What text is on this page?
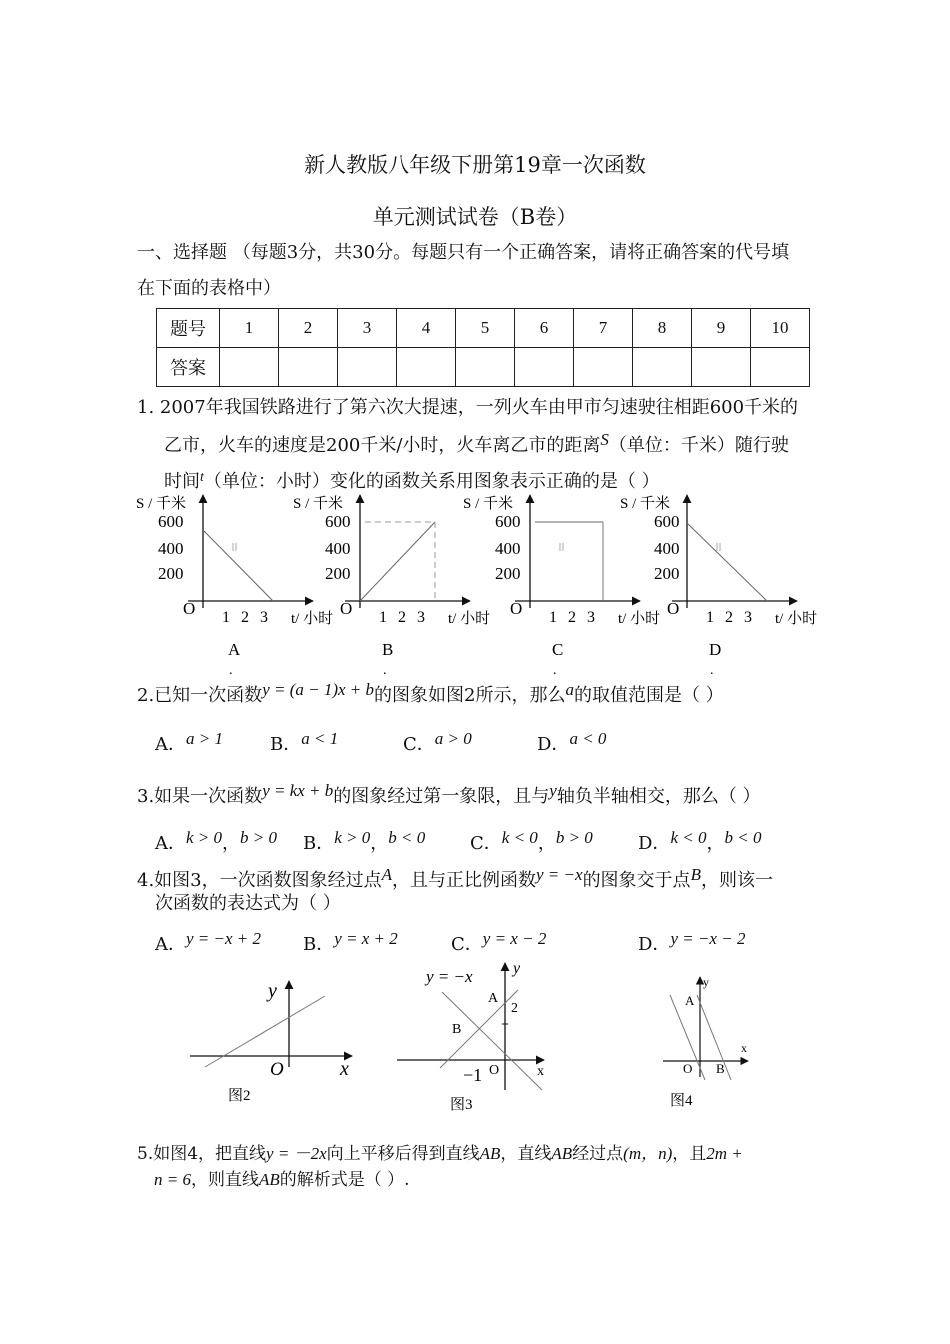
新人教版八年级下册第19章一次函数
单元测试试卷（B卷）
一、选择题 （每题3分，共30分。每题只有一个正确答案，请将正确答案的代号填
在下面的表格中）
题号	1	2	3	4	5	6	7	8	9	10
答案										
1. 2007年我国铁路进行了第六次大提速，一列火车由甲市匀速驶往相距600千米的
乙市，火车的速度是200千米/小时，火车离乙市的距离S（单位：千米）随行驶
时间$^t$（单位：小时）变化的函数关系用图象表示正确的是（ ）
S / 千米
600
400
200
O 1 2 3 t/ 小时
A
.
S / 千米
600
400
200
O 1 2 3 t/ 小时
B
.
S / 千米
600
400
200
O 1 2 3 t/ 小时
C
.
S / 千米
600
400
200
O 1 2 3 t/ 小时
D
.
2.已知一次函数y = (a − 1)x + b的图象如图2所示，那么a的取值范围是（ ）
A．a > 1	B．a < 1	C．a > 0	D．a < 0
3.如果一次函数y = kx + b的图象经过第一象限，且与y轴负半轴相交，那么（ ）
A．k > 0，b > 0 B．k > 0，b < 0 C．k < 0，b > 0	D．k < 0，b < 0
4.如图3，一次函数图象经过点A，且与正比例函数y = −x的图象交于点B，则该一
次函数的表达式为（ ）
A．y = −x + 2 B．y = x + 2	C．y = x − 2	D．y = −x − 2
y
x
O
图2
y = −x	y
x
A
2
B
O
−1
图3
y
x
A
O B
图4
5.如图4，把直线y = －2x向上平移后得到直线AB，直线AB经过点(m，n)，且2m +
n = 6，则直线AB的解析式是（ ）.
